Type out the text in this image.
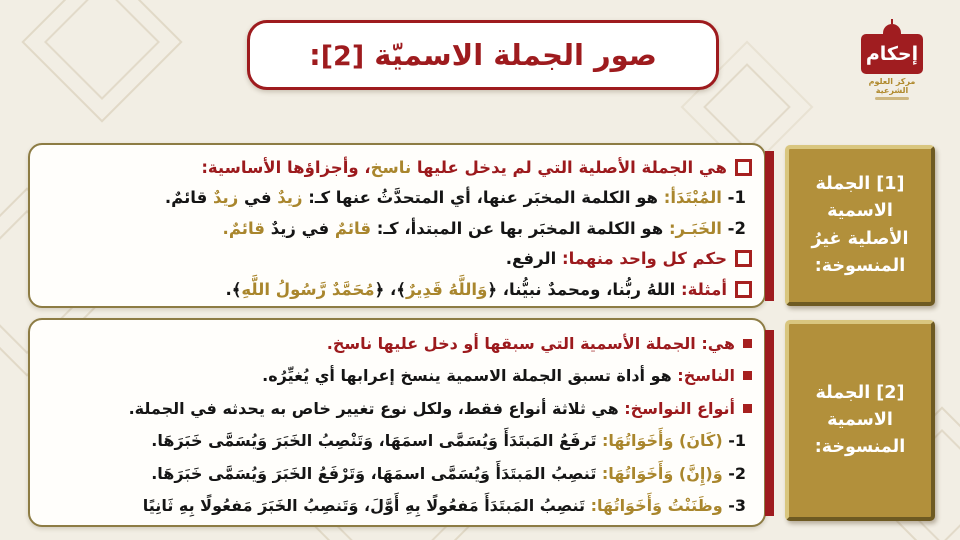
صور الجملة الاسميّة [2]:	إحكام
مركز العلوم الشرعية
هي الجملة الأصلية التي لم يدخل عليها ناسخ، وأجزاؤها الأساسية:
1- المُبْتَدَأ: هو الكلمة المخبَر عنها، أي المتحدَّثُ عنها كـ: زيدٌ في زيدٌ قائمٌ.
2- الخَبَـر: هو الكلمة المخبَر بها عن المبتدأ، كـ: قائمٌ في زيدٌ قائمٌ.
حكم كل واحد منهما: الرفع.
أمثلة: اللهُ ربُّنا، ومحمدٌ نبيُّنا، ﴿وَاللَّهُ قَدِيرٌ﴾، ﴿مُحَمَّدٌ رَّسُولُ اللَّهِ﴾.
هي: الجملة الأسمية التي سبقها أو دخل عليها ناسخ.
الناسخ: هو أداة تسبق الجملة الاسمية ينسخ إعرابها أي يُغيِّرُه.
أنواع النواسخ: هي ثلاثة أنواع فقط، ولكل نوع تغيير خاص به يحدثه في الجملة.
1- (كَانَ) وَأَخَوَاتُهَا: تَرفَعُ المَبتَدَأَ وَيُسَمَّى اسمَهَا، وَتَنْصِبُ الخَبَرَ وَيُسَمَّى خَبَرَهَا.
2- وَ(إِنَّ) وَأَخَوَاتُهَا: تَنصِبُ المَبتَدَأَ وَيُسَمَّى اسمَهَا، وَتَرْفَعُ الخَبَرَ وَيُسَمَّى خَبَرَهَا.
3- وظَنَنْتُ وَأَخَوَاتُهَا: تَنصِبُ المَبتَدَأَ مَفعُولًا بِهِ أَوَّلَ، وَتَنصِبُ الخَبَرَ مَفعُولًا بِهِ ثَانِيًا
[1] الجملة الاسمية الأصلية غيرُ المنسوخة:
[2] الجملة الاسمية المنسوخة:
